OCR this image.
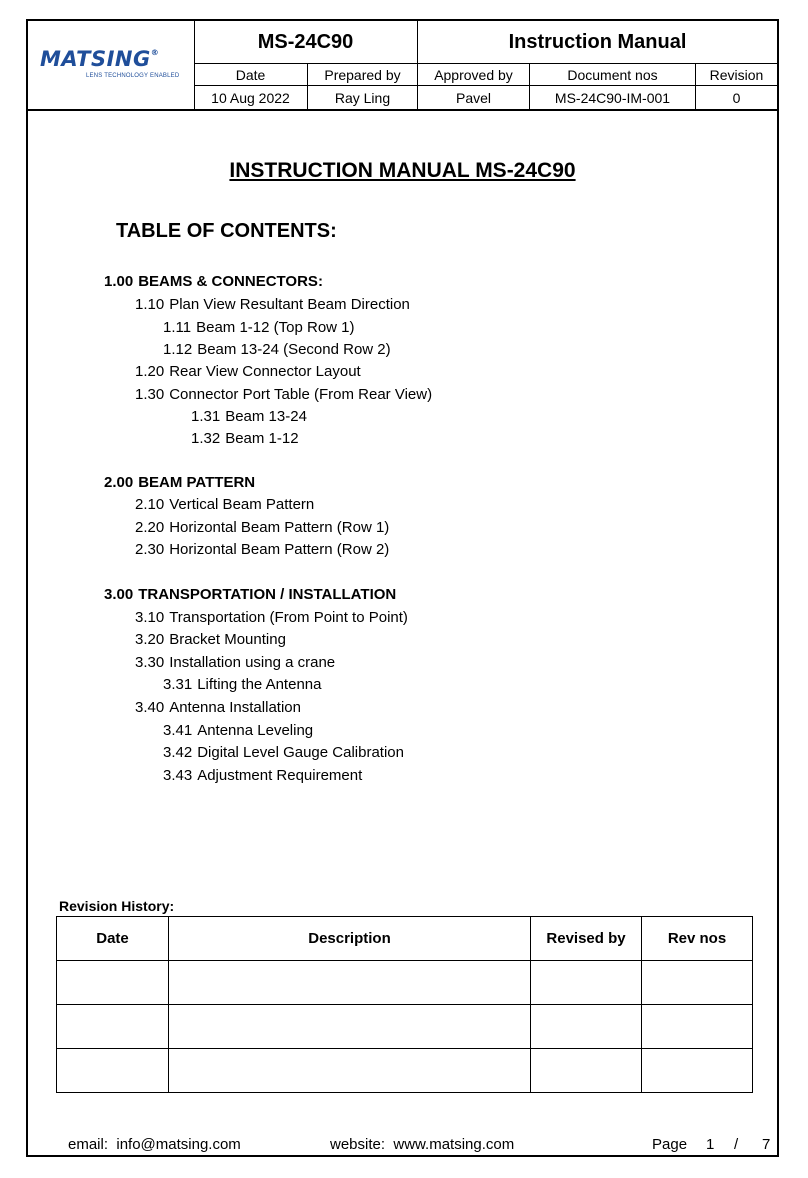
MATSING®
LENS TECHNOLOGY ENABLED
MS-24C90	Instruction Manual
Date	Prepared by	Approved by	Document nos	Revision
10 Aug 2022	Ray Ling	Pavel	MS-24C90-IM-001	0
INSTRUCTION MANUAL MS-24C90
TABLE OF CONTENTS:
1.00 BEAMS & CONNECTORS:
1.10 Plan View Resultant Beam Direction
1.11 Beam 1-12 (Top Row 1)
1.12 Beam 13-24 (Second Row 2)
1.20 Rear View Connector Layout
1.30 Connector Port Table (From Rear View)
1.31 Beam 13-24
1.32 Beam 1-12
2.00 BEAM PATTERN
2.10 Vertical Beam Pattern
2.20 Horizontal Beam Pattern (Row 1)
2.30 Horizontal Beam Pattern (Row 2)
3.00 TRANSPORTATION / INSTALLATION
3.10 Transportation (From Point to Point)
3.20 Bracket Mounting
3.30 Installation using a crane
3.31 Lifting the Antenna
3.40 Antenna Installation
3.41 Antenna Leveling
3.42 Digital Level Gauge Calibration
3.43 Adjustment Requirement
Revision History:
Date	Description	Revised by	Rev nos

email: info@matsing.com	website: www.matsing.com	Page 1 / 7
